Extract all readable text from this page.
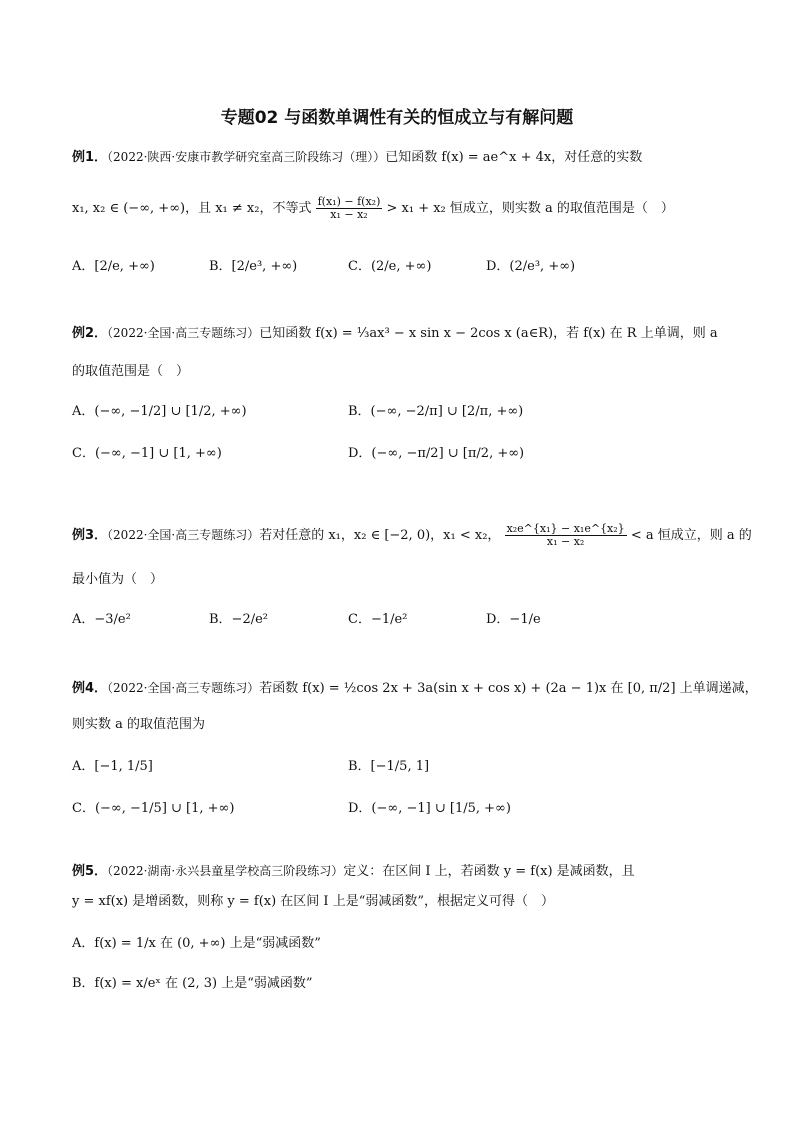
专题02 与函数单调性有关的恒成立与有解问题
例1．（2022·陕西·安康市教学研究室高三阶段练习（理））已知函数 f(x) = ae^x + 4x，对任意的实数
x₁, x₂ ∈ (−∞, +∞)，且 x₁ ≠ x₂，不等式 $\frac{\text{f(x₁) − f(x₂)}}{\text{x₁ − x₂}} > x_1 + x_2$ 恒成立，则实数 a 的取值范围是（　）
A．[2/e, +∞)	B．[2/e³, +∞)	C．(2/e, +∞)	D．(2/e³, +∞)
例2．（2022·全国·高三专题练习）已知函数 f(x) = ⅓ax³ − x sin x − 2cos x (a∈R)，若 f(x) 在 R 上单调，则 a
的取值范围是（　）
A．(−∞, −1/2] ∪ [1/2, +∞)	B．(−∞, −2/π] ∪ [2/π, +∞)
C．(−∞, −1] ∪ [1, +∞)	D．(−∞, −π/2] ∪ [π/2, +∞)
例3．（2022·全国·高三专题练习）若对任意的 x₁，x₂ ∈ [−2, 0)，x₁ < x₂， $\frac{\text{x₂e\textasciicircum{}\{x₁\} − x₁e\textasciicircum{}\{x₂\}}}{\text{x₁ − x₂}} < a$ 恒成立，则 a 的
最小值为（　）
A．−3/e²	B．−2/e²	C．−1/e²	D．−1/e
例4．（2022·全国·高三专题练习）若函数 f(x) = ½cos 2x + 3a(sin x + cos x) + (2a − 1)x 在 [0, π/2] 上单调递减，
则实数 a 的取值范围为
A．[−1, 1/5]	B．[−1/5, 1]
C．(−∞, −1/5] ∪ [1, +∞)	D．(−∞, −1] ∪ [1/5, +∞)
例5．（2022·湖南·永兴县童星学校高三阶段练习）定义：在区间 I 上，若函数 y = f(x) 是减函数，且
y = xf(x) 是增函数，则称 y = f(x) 在区间 I 上是“弱减函数”，根据定义可得（　）
A．f(x) = 1/x 在 (0, +∞) 上是“弱减函数”
B．f(x) = x/eˣ 在 (2, 3) 上是“弱减函数”
